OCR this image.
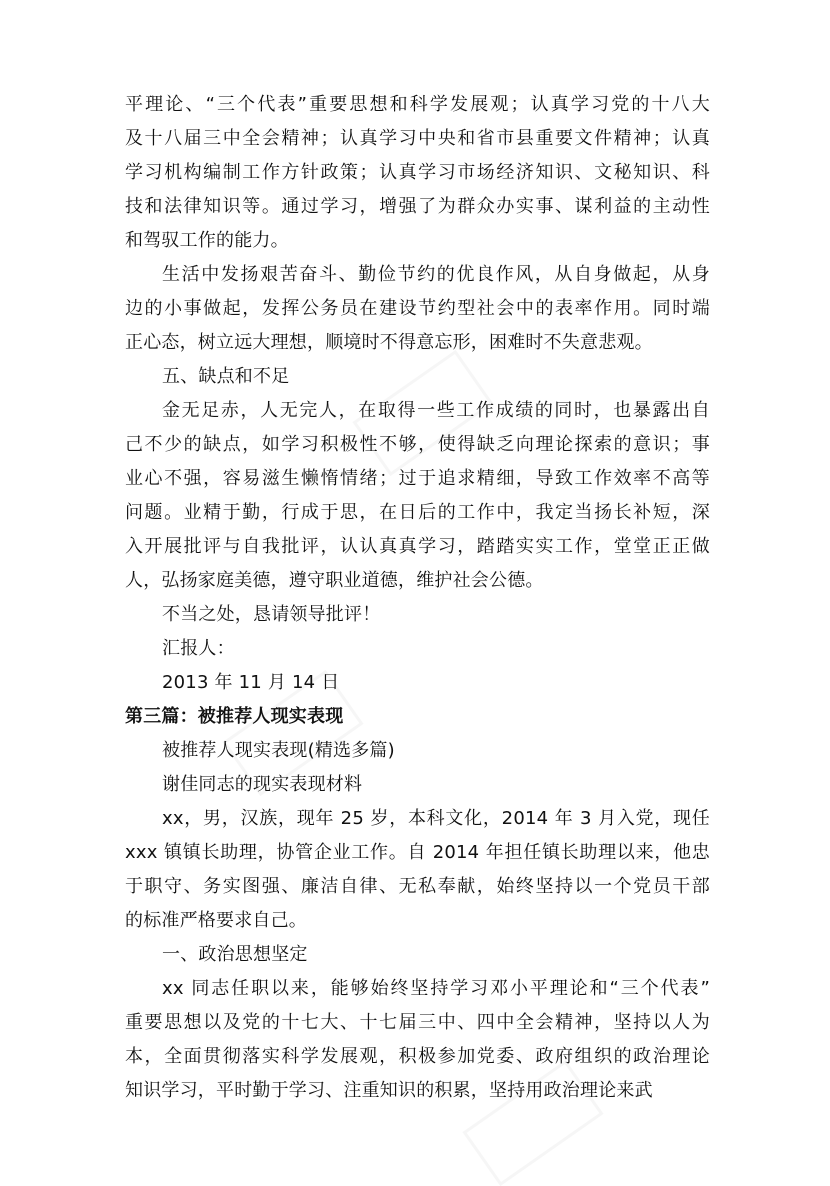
平理论、“三个代表”重要思想和科学发展观；认真学习党的十八大
及十八届三中全会精神；认真学习中央和省市县重要文件精神；认真
学习机构编制工作方针政策；认真学习市场经济知识、文秘知识、科
技和法律知识等。通过学习，增强了为群众办实事、谋利益的主动性
和驾驭工作的能力。
生活中发扬艰苦奋斗、勤俭节约的优良作风，从自身做起，从身
边的小事做起，发挥公务员在建设节约型社会中的表率作用。同时端
正心态，树立远大理想，顺境时不得意忘形，困难时不失意悲观。
五、缺点和不足
金无足赤，人无完人，在取得一些工作成绩的同时，也暴露出自
己不少的缺点，如学习积极性不够，使得缺乏向理论探索的意识；事
业心不强，容易滋生懒惰情绪；过于追求精细，导致工作效率不高等
问题。业精于勤，行成于思，在日后的工作中，我定当扬长补短，深
入开展批评与自我批评，认认真真学习，踏踏实实工作，堂堂正正做
人，弘扬家庭美德，遵守职业道德，维护社会公德。
不当之处，恳请领导批评！
汇报人：
2013 年 11 月 14 日
第三篇：被推荐人现实表现
被推荐人现实表现(精选多篇)
谢佳同志的现实表现材料
xx，男，汉族，现年 25 岁，本科文化，2014 年 3 月入党，现任
xxx 镇镇长助理，协管企业工作。自 2014 年担任镇长助理以来，他忠
于职守、务实图强、廉洁自律、无私奉献，始终坚持以一个党员干部
的标准严格要求自己。
一、政治思想坚定
xx 同志任职以来，能够始终坚持学习邓小平理论和“三个代表”
重要思想以及党的十七大、十七届三中、四中全会精神，坚持以人为
本，全面贯彻落实科学发展观，积极参加党委、政府组织的政治理论
知识学习，平时勤于学习、注重知识的积累，坚持用政治理论来武
